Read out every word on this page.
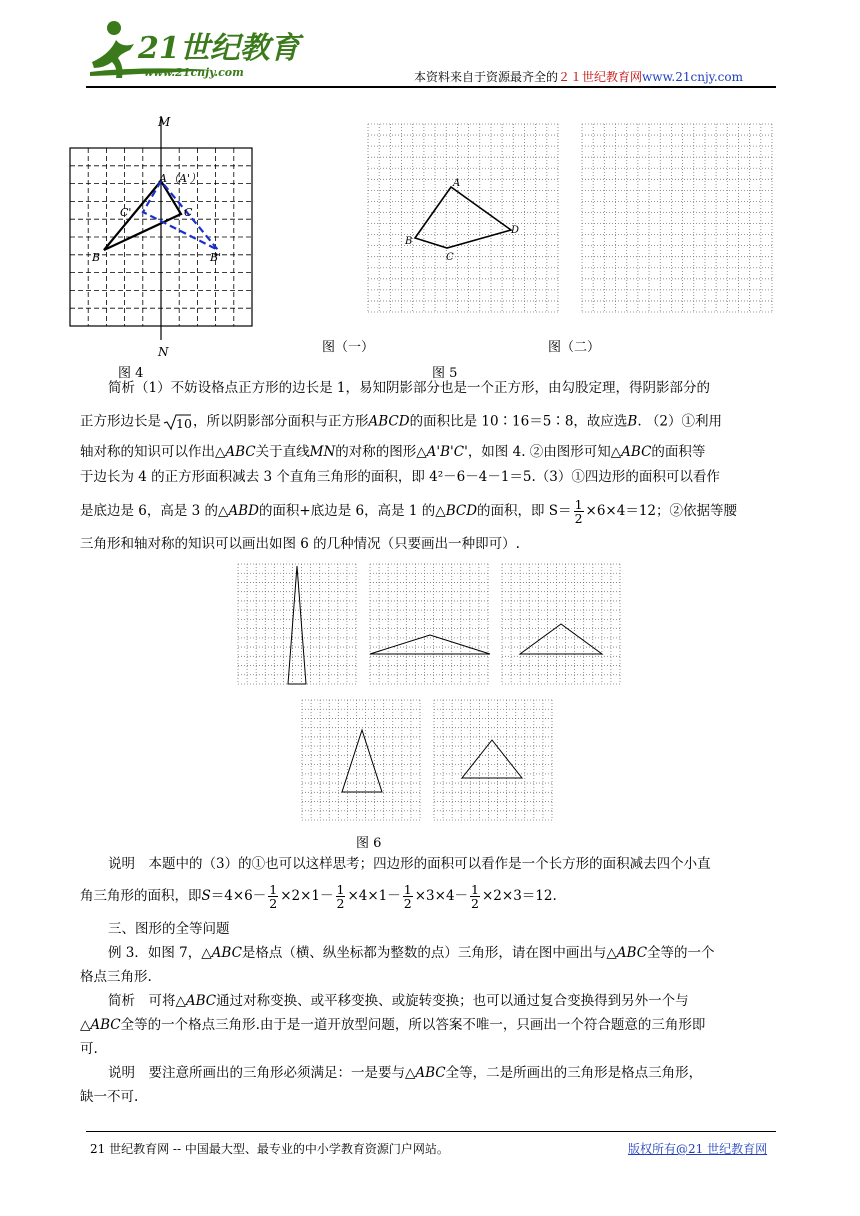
21世纪教育
www.21cnjy.com	本资料来自于资源最齐全的２１世纪教育网www.21cnjy.com
M
N
A （A'）
B
C
C'
B'
图 4
A
B
C
D
图（一）	图（二）
图 5
简析（1）不妨设格点正方形的边长是 1，易知阴影部分也是一个正方形，由勾股定理，得阴影部分的
正方形边长是 10 ，所以阴影部分面积与正方形ABCD的面积比是 10∶16＝5∶8，故应选B. （2）①利用
轴对称的知识可以作出△ABC关于直线MN的对称的图形△A'B'C'，如图 4. ②由图形可知△ABC的面积等
于边长为 4 的正方形面积减去 3 个直角三角形的面积，即 4²－6－4－1＝5.（3）①四边形的面积可以看作
是底边是 6，高是 3 的△ABD的面积+底边是 6，高是 1 的△BCD的面积，即 $S= \frac{1}{2} \times 6\times 4=12$；②依据等腰
三角形和轴对称的知识可以画出如图 6 的几种情况（只要画出一种即可）.
图 6
说明　本题中的（3）的①也可以这样思考；四边形的面积可以看作是一个长方形的面积减去四个小直
角三角形的面积，即$S=4\times 6- \frac{1}{2} \times 2\times 1- \frac{1}{2} \times 4\times 1- \frac{1}{2} \times 3\times 4- \frac{1}{2} \times 2\times 3=12$.
三、图形的全等问题
例 3．如图 7，△ABC是格点（横、纵坐标都为整数的点）三角形，请在图中画出与△ABC全等的一个
格点三角形.
简析　可将△ABC通过对称变换、或平移变换、或旋转变换；也可以通过复合变换得到另外一个与
△ABC全等的一个格点三角形.由于是一道开放型问题，所以答案不唯一，只画出一个符合题意的三角形即
可.
说明　要注意所画出的三角形必须满足：一是要与△ABC全等，二是所画出的三角形是格点三角形，
缺一不可.
21 世纪教育网 -- 中国最大型、最专业的中小学教育资源门户网站。	版权所有@21 世纪教育网
